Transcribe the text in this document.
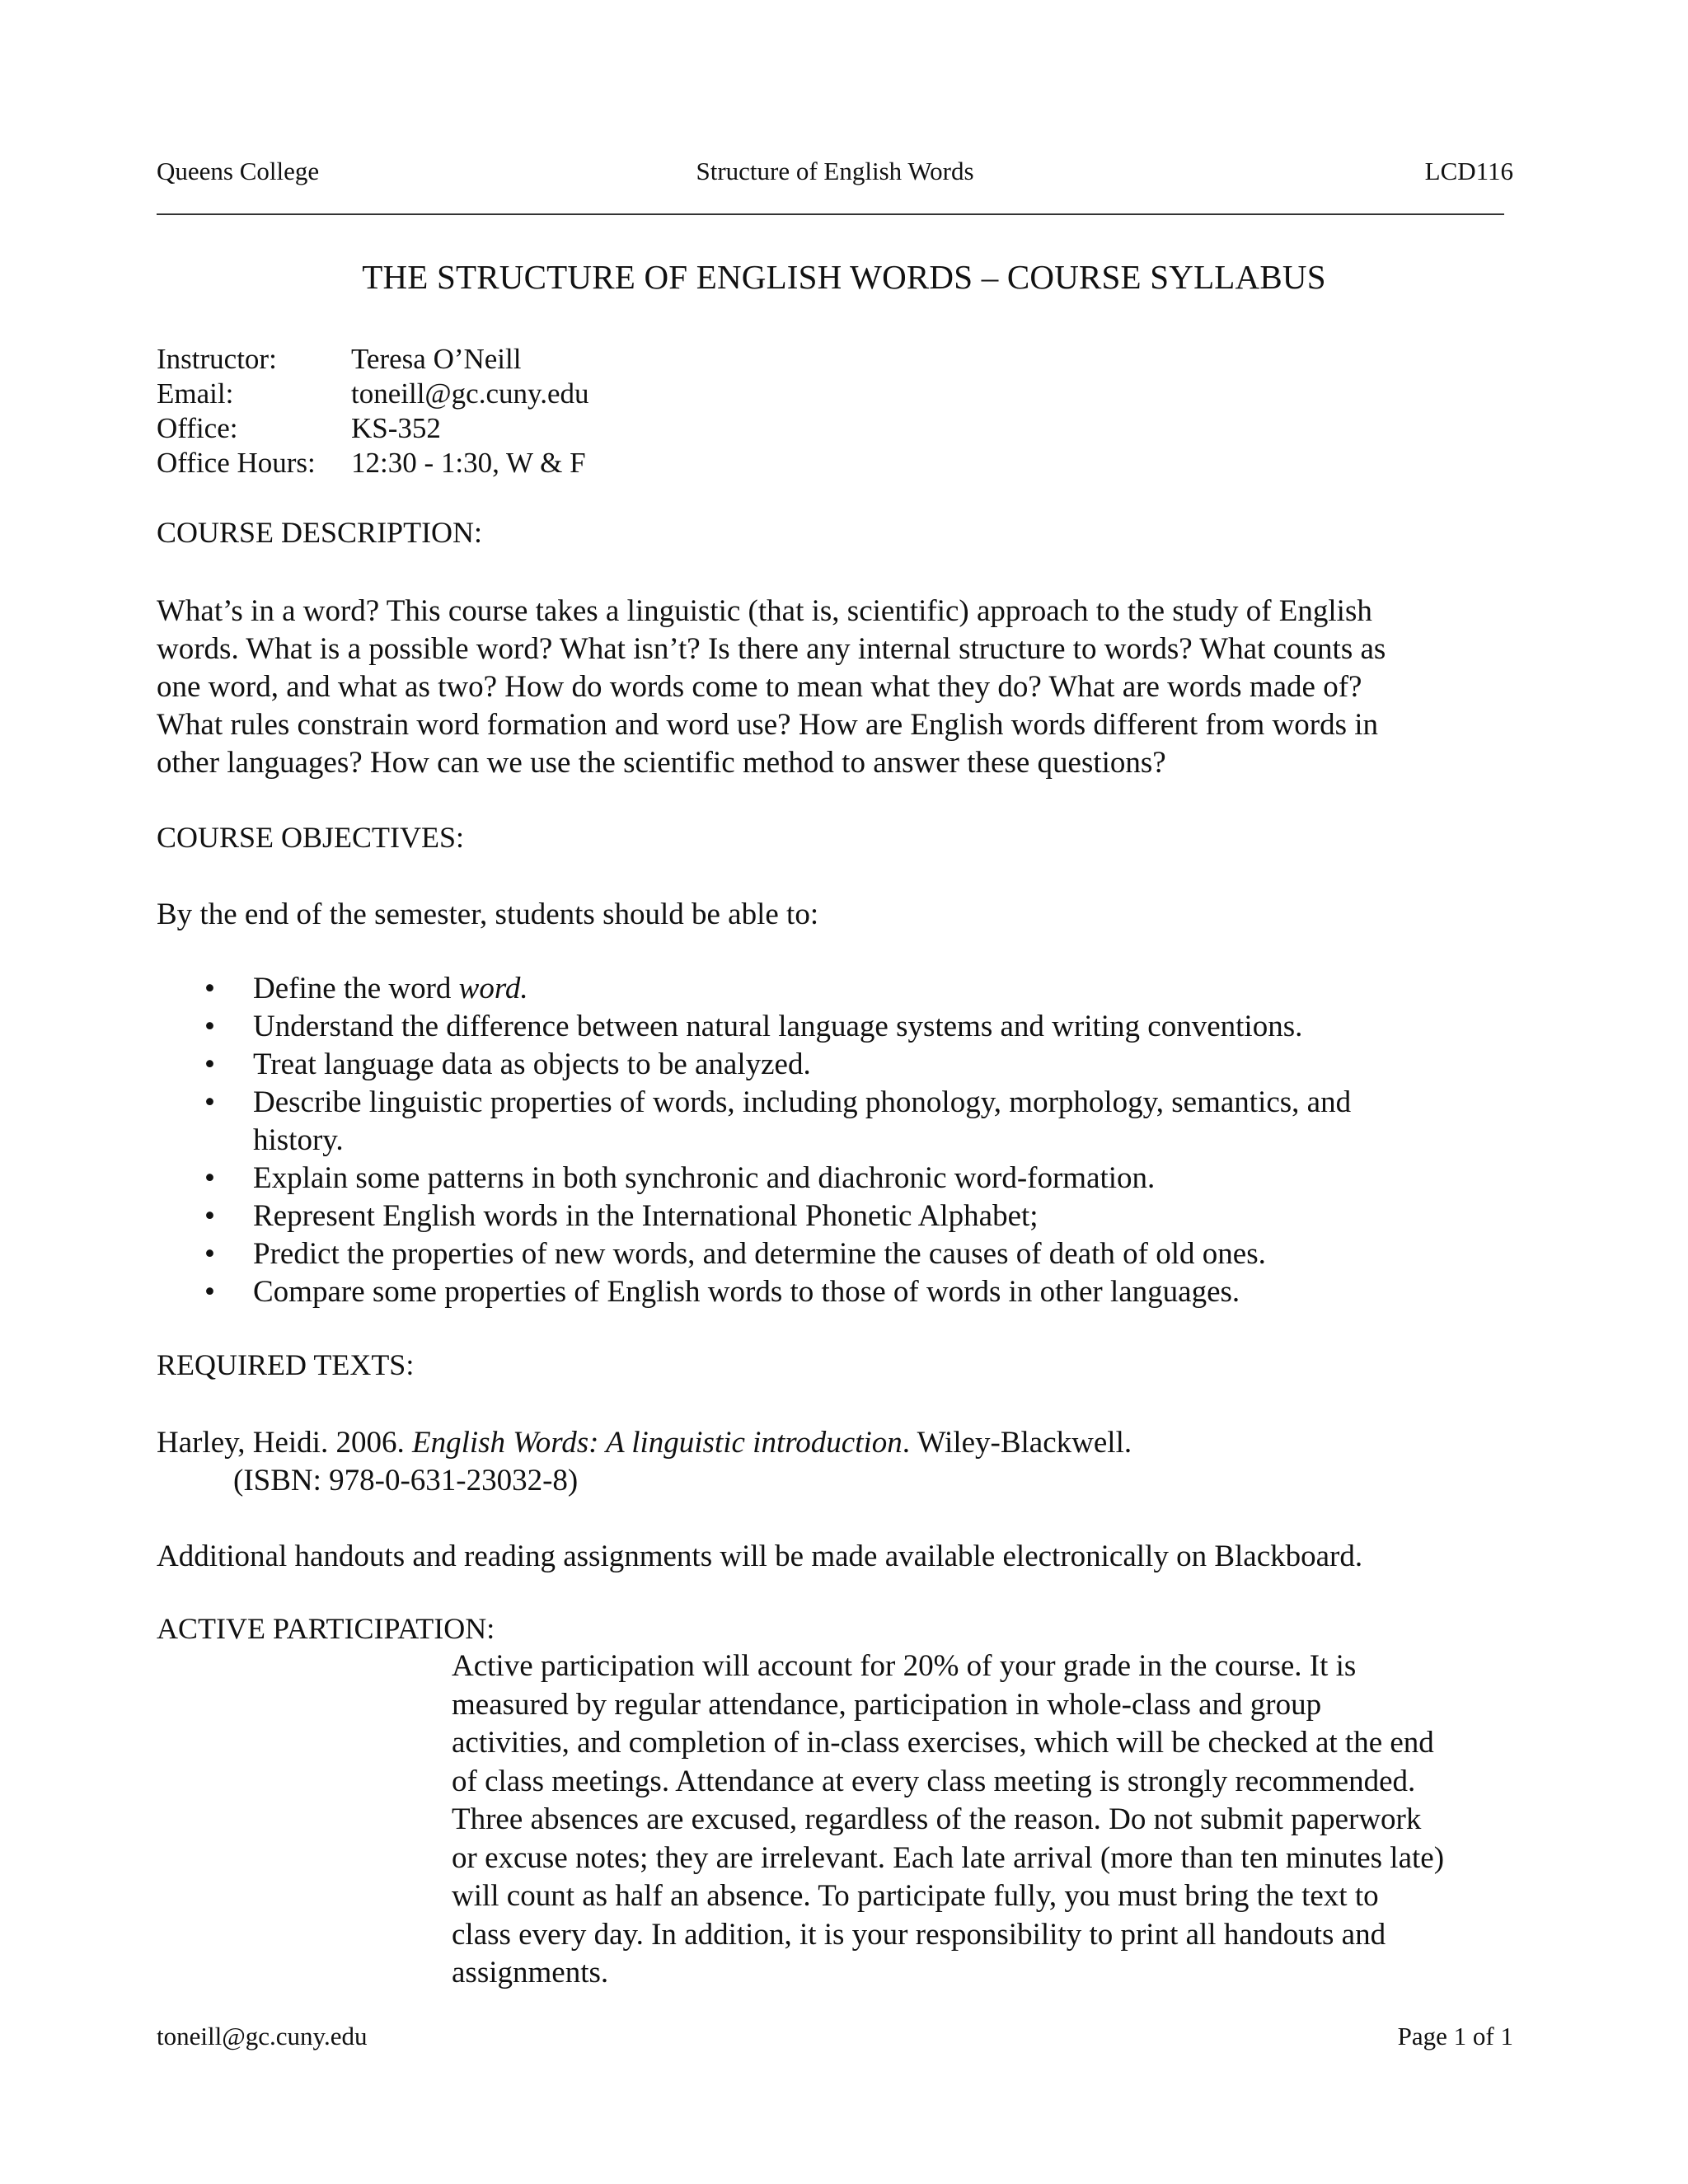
Queens College	Structure of English Words	LCD116
THE STRUCTURE OF ENGLISH WORDS – COURSE SYLLABUS
Instructor:	Teresa O’Neill
Email:	toneill@gc.cuny.edu
Office:	KS-352
Office Hours:	12:30 - 1:30, W & F
COURSE DESCRIPTION:
What’s in a word? This course takes a linguistic (that is, scientific) approach to the study of English
words. What is a possible word? What isn’t? Is there any internal structure to words? What counts as
one word, and what as two? How do words come to mean what they do? What are words made of?
What rules constrain word formation and word use? How are English words different from words in
other languages? How can we use the scientific method to answer these questions?
COURSE OBJECTIVES:
By the end of the semester, students should be able to:
• Define the word word.
• Understand the difference between natural language systems and writing conventions.
• Treat language data as objects to be analyzed.
• Describe linguistic properties of words, including phonology, morphology, semantics, and
history.
• Explain some patterns in both synchronic and diachronic word-formation.
• Represent English words in the International Phonetic Alphabet;
• Predict the properties of new words, and determine the causes of death of old ones.
• Compare some properties of English words to those of words in other languages.
REQUIRED TEXTS:
Harley, Heidi. 2006. English Words: A linguistic introduction. Wiley-Blackwell.
(ISBN: 978-0-631-23032-8)
Additional handouts and reading assignments will be made available electronically on Blackboard.
ACTIVE PARTICIPATION:
Active participation will account for 20% of your grade in the course. It is
measured by regular attendance, participation in whole-class and group
activities, and completion of in-class exercises, which will be checked at the end
of class meetings. Attendance at every class meeting is strongly recommended.
Three absences are excused, regardless of the reason. Do not submit paperwork
or excuse notes; they are irrelevant. Each late arrival (more than ten minutes late)
will count as half an absence. To participate fully, you must bring the text to
class every day. In addition, it is your responsibility to print all handouts and
assignments.
toneill@gc.cuny.edu	Page 1 of 1
